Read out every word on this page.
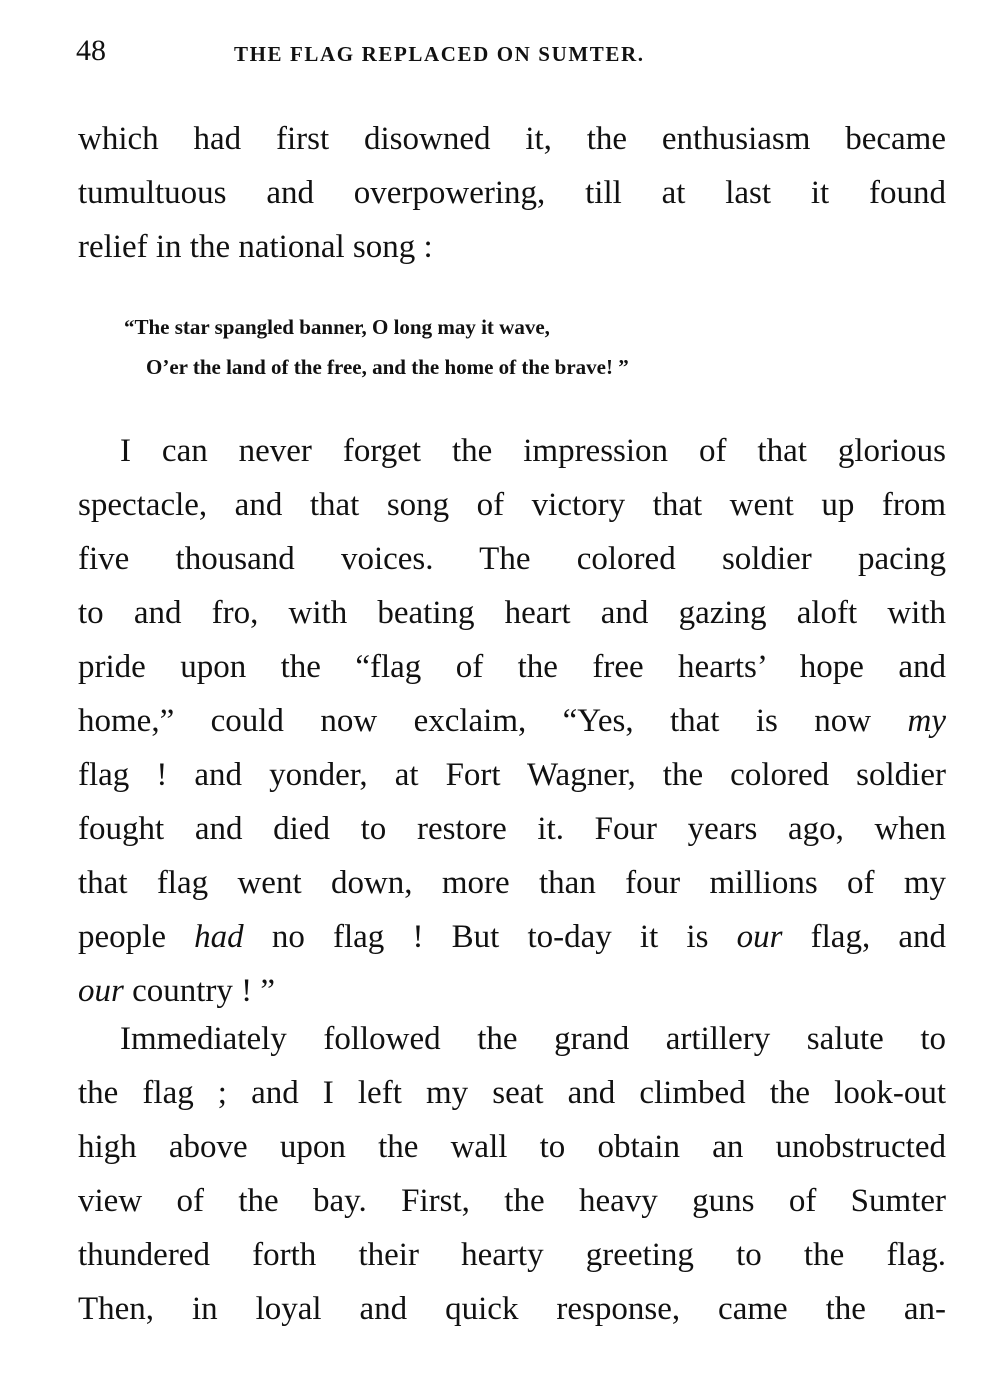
48	THE FLAG REPLACED ON SUMTER.
which had first disowned it, the enthusiasm became
tumultuous and overpowering, till at last it found
relief in the national song :
“The star spangled banner, O long may it wave,
O’er the land of the free, and the home of the brave! ”
I can never forget the impression of that glorious
spectacle, and that song of victory that went up from
five thousand voices. The colored soldier pacing
to and fro, with beating heart and gazing aloft with
pride upon the “flag of the free hearts’ hope and
home,” could now exclaim, “Yes, that is now my
flag ! and yonder, at Fort Wagner, the colored soldier
fought and died to restore it. Four years ago, when
that flag went down, more than four millions of my
people had no flag ! But to-day it is our flag, and
our country ! ”
Immediately followed the grand artillery salute to
the flag ; and I left my seat and climbed the look-out
high above upon the wall to obtain an unobstructed
view of the bay. First, the heavy guns of Sumter
thundered forth their hearty greeting to the flag.
Then, in loyal and quick response, came the an-
